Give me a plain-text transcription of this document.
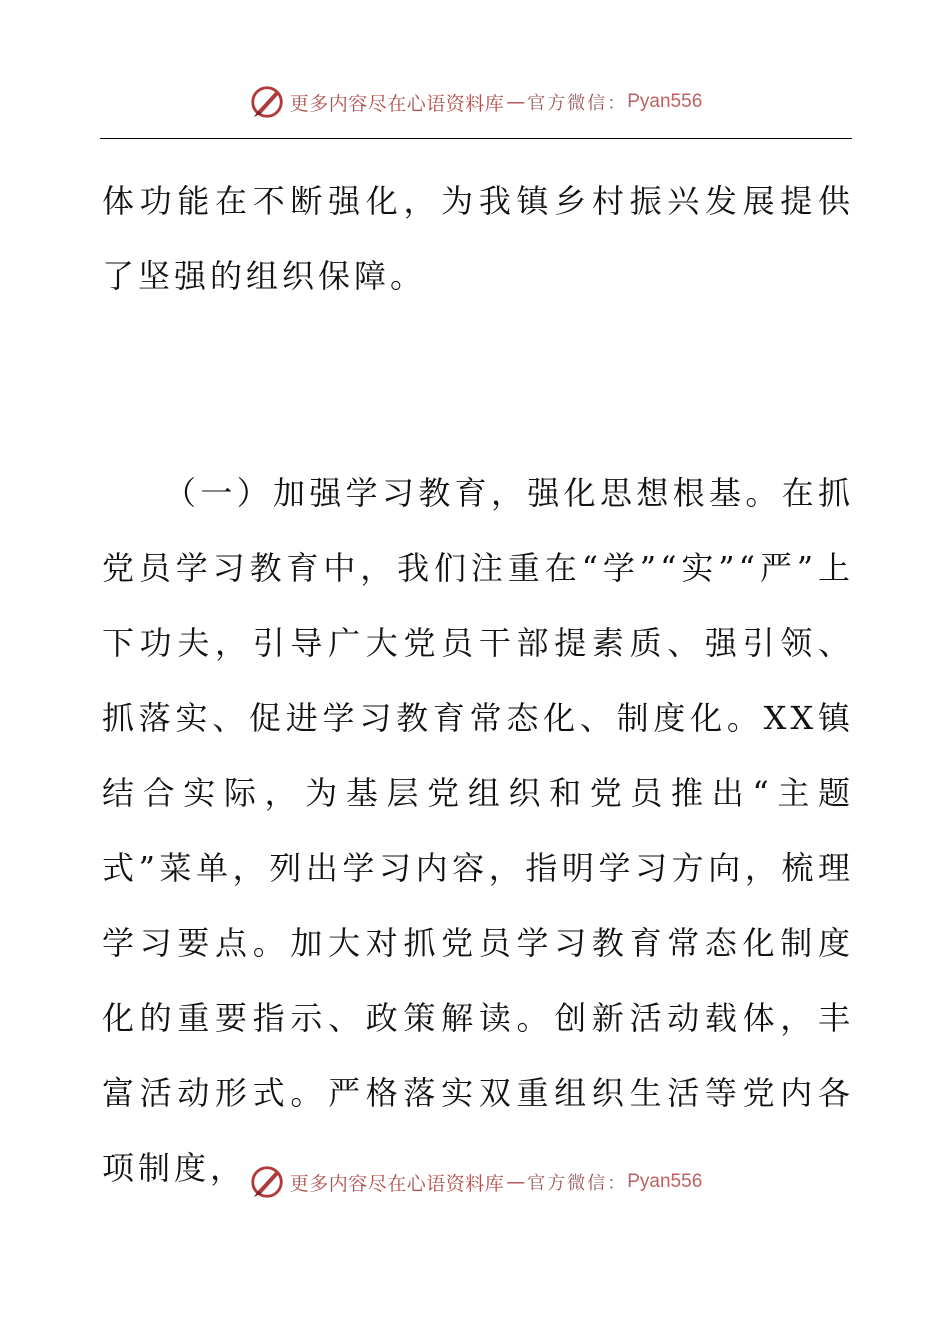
更多内容尽在心语资料库 — 官方微信： Pyan556

体功能在不断强化，为我镇乡村振兴发展提供了坚强的组织保障。

（一）加强学习教育，强化思想根基。在抓党员学习教育中，我们注重在“学”“实”“严”上下功夫，引导广大党员干部提素质、强引领、抓落实、促进学习教育常态化、制度化。XX镇结合实际，为基层党组织和党员推出“主题式”菜单，列出学习内容，指明学习方向，梳理学习要点。加大对抓党员学习教育常态化制度化的重要指示、政策解读。创新活动载体，丰富活动形式。严格落实双重组织生活等党内各项制度，	更多内容尽在心语资料库 — 官方微信： Pyan556
